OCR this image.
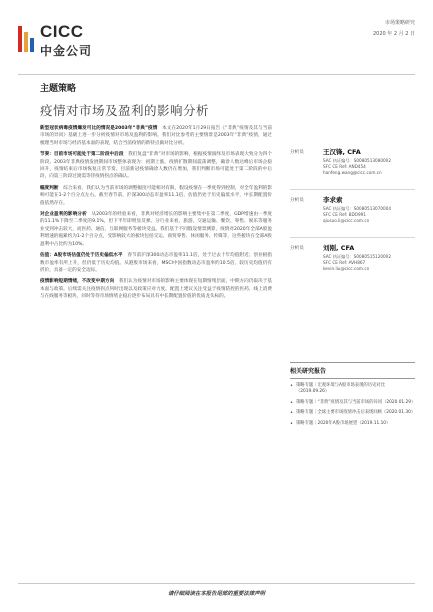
CICC
中金公司
市场策略研究
2020 年 2 月 2 日
主题策略
疫情对市场及盈利的影响分析

新型冠状病毒疫情爆发可比的情况是2003年“非典”疫情　 本文在2020年1月29日报告《“非典”疫情及其与当前市场的异同》基础上进一步分析疫情对市场及盈利的影响。我们对比参考的主要情景是2003年“非典”疫情，通过梳理当时市场与经济基本面的表现，结合当前疫情的新特点做对比分析。

节奏：目前市场可能处于第二阶段中后段　 我们复盘“非典”对市场的影响，根据疫情演绎及市场表现大致分为四个阶段。2003年非典疫情发展期间市场整体表现为：初期上涨，疫情扩散期间震荡调整，确诊人数达峰后市场企稳回升，疫情结束后市场恢复正常节奏。目前新冠疫情确诊人数仍在增加，我们判断市场可能处于第二阶段的中后段，向第三阶段过渡需等待疫情拐点的确认。

幅度判断　 综合来看，我们认为当前市场的调整幅度可能相对有限，假设疫情在一季度得到控制，对全年盈利的影响可能在1-2个百分点左右。截至春节前，沪深300动态市盈率11.1倍，估值仍处于历史偏低水平，中长期配置价值依然存在。

对企业盈利的影响分析　 从2003年的经验来看，非典对经济增长的影响主要集中在第二季度，GDP增速由一季度的11.1%下降至二季度的9.1%，但下半年即明显反弹。分行业来看，旅游、交通运输、餐饮、零售、娱乐等服务业受到冲击较大，而医药、通信、互联网服务等板块受益。我们基于不同假设情景测算，疫情对2020年全部A股盈利增速的拖累约为1-2个百分点，受影响较大的板块包括交运、商贸零售、休闲服务、传媒等，这些板块在全部A股盈利中占比约为10%。

估值：A股市场估值仍处于历史偏低水平　 春节前沪深300动态市盈率11.1倍，处于过去十年均值附近；创业板指数市盈率有所上升，但仍低于历史均值。从港股市场来看，MSCI中国指数动态市盈率约10.5倍，较历史均值仍有折价，具备一定的安全边际。

疫情影响短期情绪，不改变中期方向　 我们认为疫情对市场的影响主要体现在短期情绪层面，中期方向仍取决于基本面与政策。后续需关注疫情拐点何时出现以及政策应对力度。配置上建议关注受益于疫情防控的医药、线上消费与在线服务等板块，同时等待市场情绪企稳后逐步布局具有中长期配置价值的优质龙头标的。

分析员	王汉锋, CFA
SAC 执证编号：S0080513080002
SFC CE Ref: AND454
hanfeng.wang@cicc.com.cn
分析员	李求索
SAC 执证编号：S0080513070004
SFC CE Ref: BDO991
qiusuo.li@cicc.com.cn
分析员	刘刚, CFA
SAC 执证编号：S0080515120002
SFC CE Ref: AVH867
kevin.liu@cicc.com.cn
相关研究报告
• 策略专题｜宏观环境与A股市场表现的历史对比（2019.09.26）
• 策略专题｜“非典”疫情及其与当前市场的异同（2020.01.29）
• 策略专题｜全球主要市场疫情冲击后表现回顾（2020.01.30）
• 策略专题｜2020年A股市场展望（2019.11.10）
请仔细阅读在本报告尾部的重要法律声明
